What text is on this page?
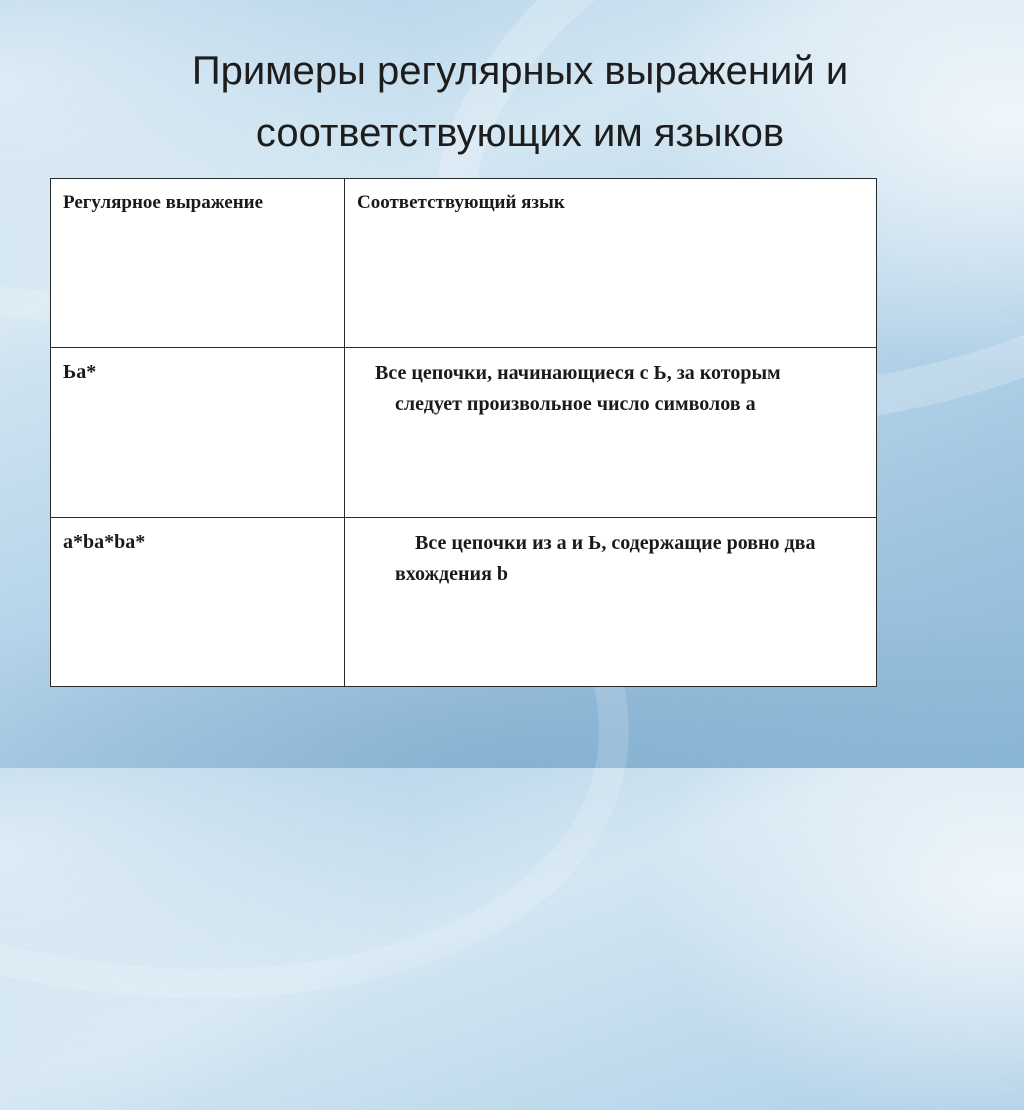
Примеры регулярных выражений и
соответствующих им языков
Регулярное выражение	Соответствующий язык

Ьа*	Все цепочки, начинающиеся с Ь, за которым следует произвольное число символов а

а*ba*bа*	Все цепочки из а и Ь, содержащие ровно два вхождения b
